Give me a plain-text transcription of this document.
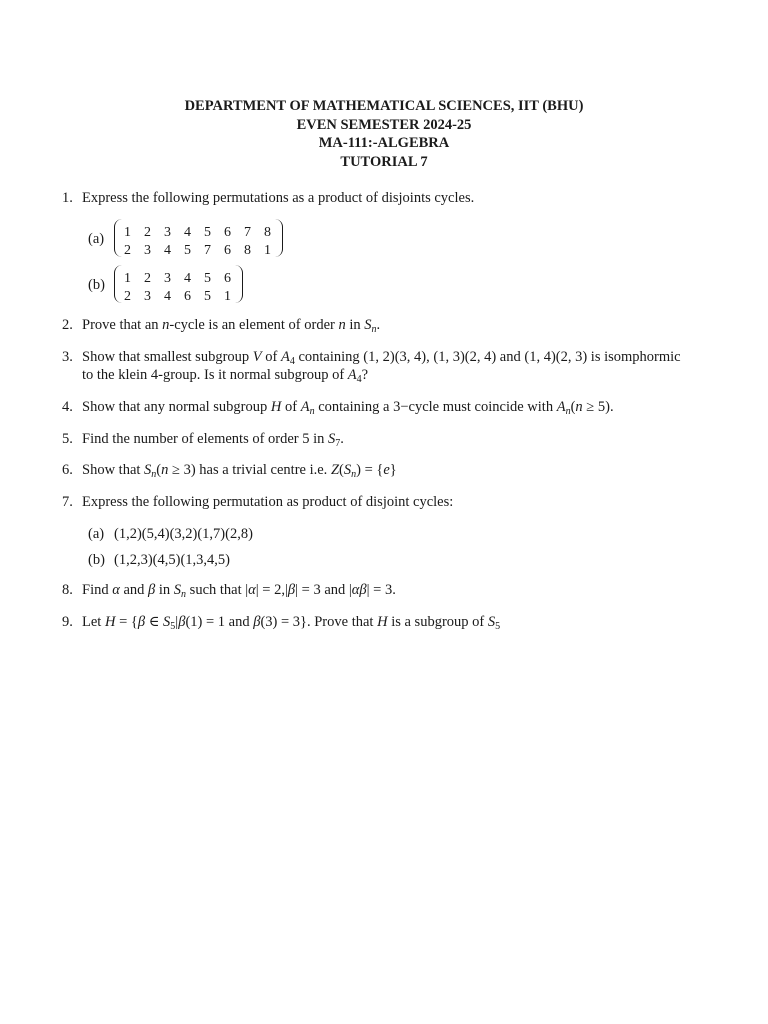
DEPARTMENT OF MATHEMATICAL SCIENCES, IIT (BHU)
EVEN SEMESTER 2024-25
MA-111:-ALGEBRA
TUTORIAL 7
1. Express the following permutations as a product of disjoints cycles.
(a) 1 2 3 4 5 6 7 8
2 3 4 5 7 6 8 1
(b) 1 2 3 4 5 6
2 3 4 6 5 1
2. Prove that an n-cycle is an element of order n in $S_n$.
3. Show that smallest subgroup V of $A_4$ containing (1, 2)(3, 4), (1, 3)(2, 4) and (1, 4)(2, 3) is isomphormic
to the klein 4-group. Is it normal subgroup of $A_4$?
4. Show that any normal subgroup H of $A_n$ containing a 3−cycle must coincide with $A_n(n \ge 5)$.
5. Find the number of elements of order 5 in $S_7$.
6. Show that $S_n(n \ge 3)$ has a trivial centre i.e. $Z(S_n) = \{e\}$
7. Express the following permutation as product of disjoint cycles:
(a) (1,2)(5,4)(3,2)(1,7)(2,8)
(b) (1,2,3)(4,5)(1,3,4,5)
8. Find α and β in $S_n$ such that |α| = 2,|β| = 3 and |αβ| = 3.
9. Let H = {β ∈ $S_5|\beta(1) = 1$ and β(3) = 3}. Prove that H is a subgroup of $S_5$
